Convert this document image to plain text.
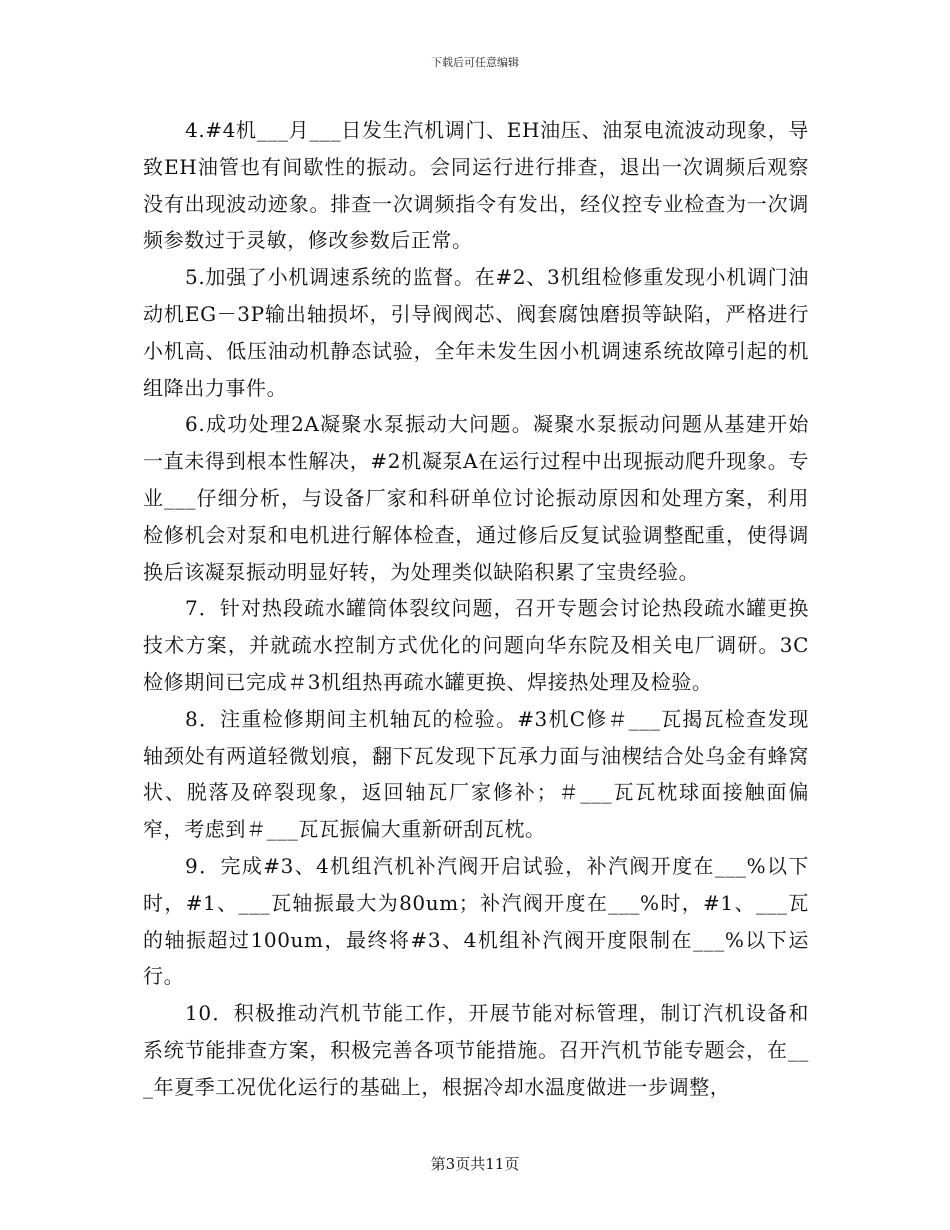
下载后可任意编辑

4.#4机___月___日发生汽机调门、EH油压、油泵电流波动现象，导致EH油管也有间歇性的振动。会同运行进行排查，退出一次调频后观察没有出现波动迹象。排查一次调频指令有发出，经仪控专业检查为一次调频参数过于灵敏，修改参数后正常。

5.加强了小机调速系统的监督。在#2、3机组检修重发现小机调门油动机EG－3P输出轴损坏，引导阀阀芯、阀套腐蚀磨损等缺陷，严格进行小机高、低压油动机静态试验，全年未发生因小机调速系统故障引起的机组降出力事件。

6.成功处理2A凝聚水泵振动大问题。凝聚水泵振动问题从基建开始一直未得到根本性解决，#2机凝泵A在运行过程中出现振动爬升现象。专业___仔细分析，与设备厂家和科研单位讨论振动原因和处理方案，利用检修机会对泵和电机进行解体检查，通过修后反复试验调整配重，使得调换后该凝泵振动明显好转，为处理类似缺陷积累了宝贵经验。

7．针对热段疏水罐筒体裂纹问题，召开专题会讨论热段疏水罐更换技术方案，并就疏水控制方式优化的问题向华东院及相关电厂调研。3C检修期间已完成＃3机组热再疏水罐更换、焊接热处理及检验。

8．注重检修期间主机轴瓦的检验。#3机C修＃___瓦揭瓦检查发现轴颈处有两道轻微划痕，翻下瓦发现下瓦承力面与油楔结合处乌金有蜂窝状、脱落及碎裂现象，返回轴瓦厂家修补；＃___瓦瓦枕球面接触面偏窄，考虑到＃___瓦瓦振偏大重新研刮瓦枕。

9．完成#3、4机组汽机补汽阀开启试验，补汽阀开度在___%以下时，#1、___瓦轴振最大为80um；补汽阀开度在___%时，#1、___瓦的轴振超过100um，最终将#3、4机组补汽阀开度限制在___%以下运行。

10．积极推动汽机节能工作，开展节能对标管理，制订汽机设备和系统节能排查方案，积极完善各项节能措施。召开汽机节能专题会，在___年夏季工况优化运行的基础上，根据冷却水温度做进一步调整，

第3页共11页
